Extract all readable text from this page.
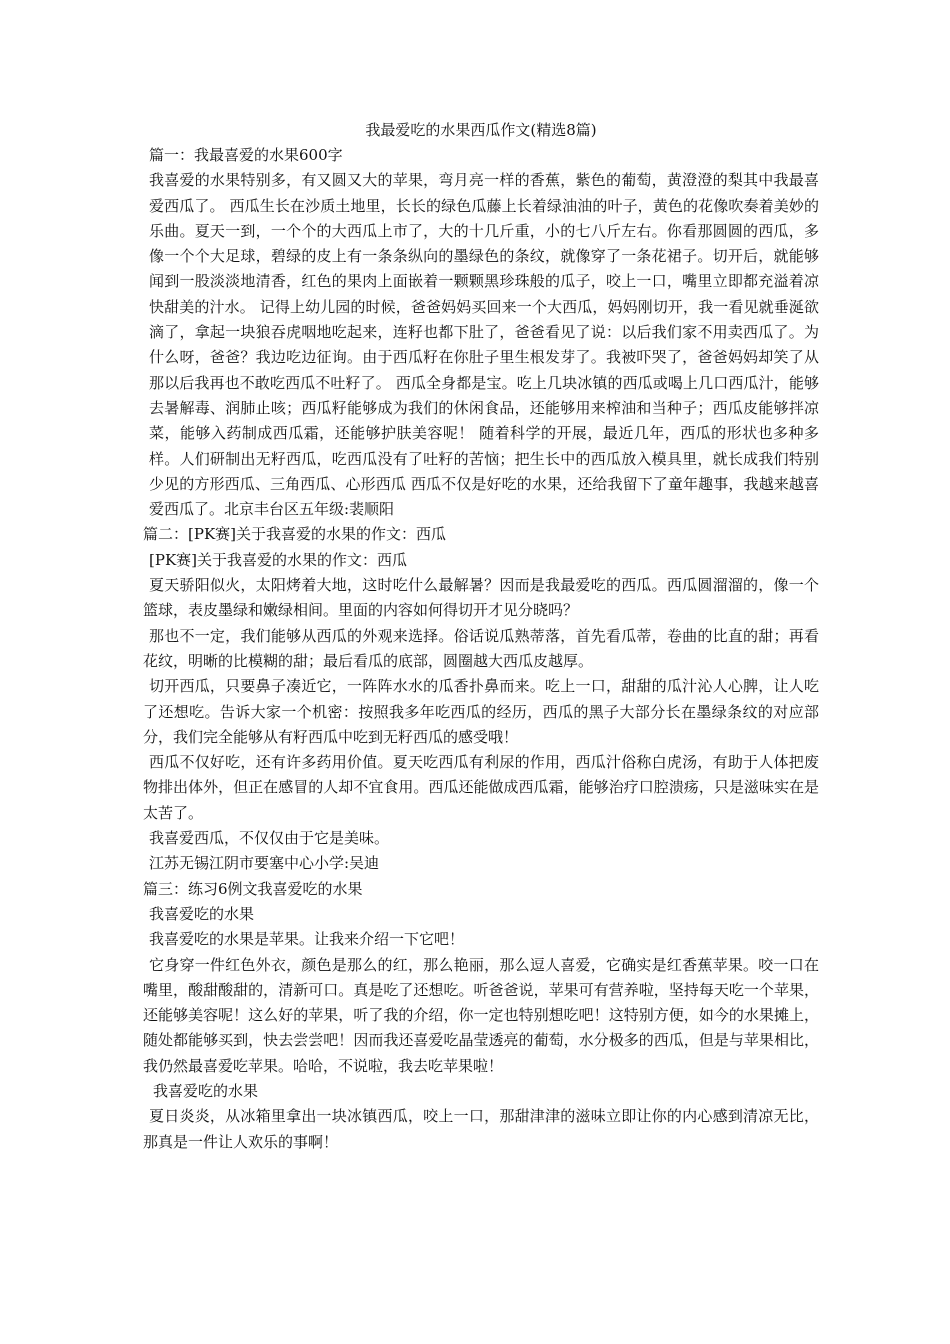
我最爱吃的水果西瓜作文(精选8篇)
篇一：我最喜爱的水果600字

我喜爱的水果特别多，有又圆又大的苹果，弯月亮一样的香蕉，紫色的葡萄，黄澄澄的梨其中我最喜爱西瓜了。 西瓜生长在沙质土地里，长长的绿色瓜藤上长着绿油油的叶子，黄色的花像吹奏着美妙的乐曲。夏天一到，一个个的大西瓜上市了，大的十几斤重，小的七八斤左右。你看那圆圆的西瓜，多像一个个大足球，碧绿的皮上有一条条纵向的墨绿色的条纹，就像穿了一条花裙子。切开后，就能够闻到一股淡淡地清香，红色的果肉上面嵌着一颗颗黑珍珠般的瓜子，咬上一口，嘴里立即都充溢着凉快甜美的汁水。 记得上幼儿园的时候，爸爸妈妈买回来一个大西瓜，妈妈刚切开，我一看见就垂涎欲滴了，拿起一块狼吞虎咽地吃起来，连籽也都下肚了，爸爸看见了说：以后我们家不用卖西瓜了。为什么呀，爸爸？我边吃边征询。由于西瓜籽在你肚子里生根发芽了。我被吓哭了，爸爸妈妈却笑了从那以后我再也不敢吃西瓜不吐籽了。 西瓜全身都是宝。吃上几块冰镇的西瓜或喝上几口西瓜汁，能够去暑解毒、润肺止咳；西瓜籽能够成为我们的休闲食品，还能够用来榨油和当种子；西瓜皮能够拌凉菜，能够入药制成西瓜霜，还能够护肤美容呢！ 随着科学的开展，最近几年，西瓜的形状也多种多样。人们研制出无籽西瓜，吃西瓜没有了吐籽的苦恼；把生长中的西瓜放入模具里，就长成我们特别少见的方形西瓜、三角西瓜、心形西瓜 西瓜不仅是好吃的水果，还给我留下了童年趣事，我越来越喜爱西瓜了。北京丰台区五年级:裴顺阳

篇二：[PK赛]关于我喜爱的水果的作文：西瓜
[PK赛]关于我喜爱的水果的作文：西瓜

夏天骄阳似火，太阳烤着大地，这时吃什么最解暑？因而是我最爱吃的西瓜。西瓜圆溜溜的，像一个篮球，表皮墨绿和嫩绿相间。里面的内容如何得切开才见分晓吗？

那也不一定，我们能够从西瓜的外观来选择。俗话说瓜熟蒂落，首先看瓜蒂，卷曲的比直的甜；再看花纹，明晰的比模糊的甜；最后看瓜的底部，圆圈越大西瓜皮越厚。

切开西瓜，只要鼻子凑近它，一阵阵水水的瓜香扑鼻而来。吃上一口，甜甜的瓜汁沁人心脾，让人吃了还想吃。告诉大家一个机密：按照我多年吃西瓜的经历，西瓜的黑子大部分长在墨绿条纹的对应部分，我们完全能够从有籽西瓜中吃到无籽西瓜的感受哦！

西瓜不仅好吃，还有许多药用价值。夏天吃西瓜有利尿的作用，西瓜汁俗称白虎汤，有助于人体把废物排出体外，但正在感冒的人却不宜食用。西瓜还能做成西瓜霜，能够治疗口腔溃疡，只是滋味实在是太苦了。

我喜爱西瓜，不仅仅由于它是美味。

江苏无锡江阴市要塞中心小学:吴迪

篇三：练习6例文我喜爱吃的水果
我喜爱吃的水果

我喜爱吃的水果是苹果。让我来介绍一下它吧！

它身穿一件红色外衣，颜色是那么的红，那么艳丽，那么逗人喜爱，它确实是红香蕉苹果。咬一口在嘴里，酸甜酸甜的，清新可口。真是吃了还想吃。听爸爸说，苹果可有营养啦，坚持每天吃一个苹果，还能够美容呢！这么好的苹果，听了我的介绍，你一定也特别想吃吧！这特别方便，如今的水果摊上，随处都能够买到，快去尝尝吧！因而我还喜爱吃晶莹透亮的葡萄，水分极多的西瓜，但是与苹果相比，我仍然最喜爱吃苹果。哈哈，不说啦，我去吃苹果啦！

我喜爱吃的水果

夏日炎炎，从冰箱里拿出一块冰镇西瓜，咬上一口，那甜津津的滋味立即让你的内心感到清凉无比，那真是一件让人欢乐的事啊！
